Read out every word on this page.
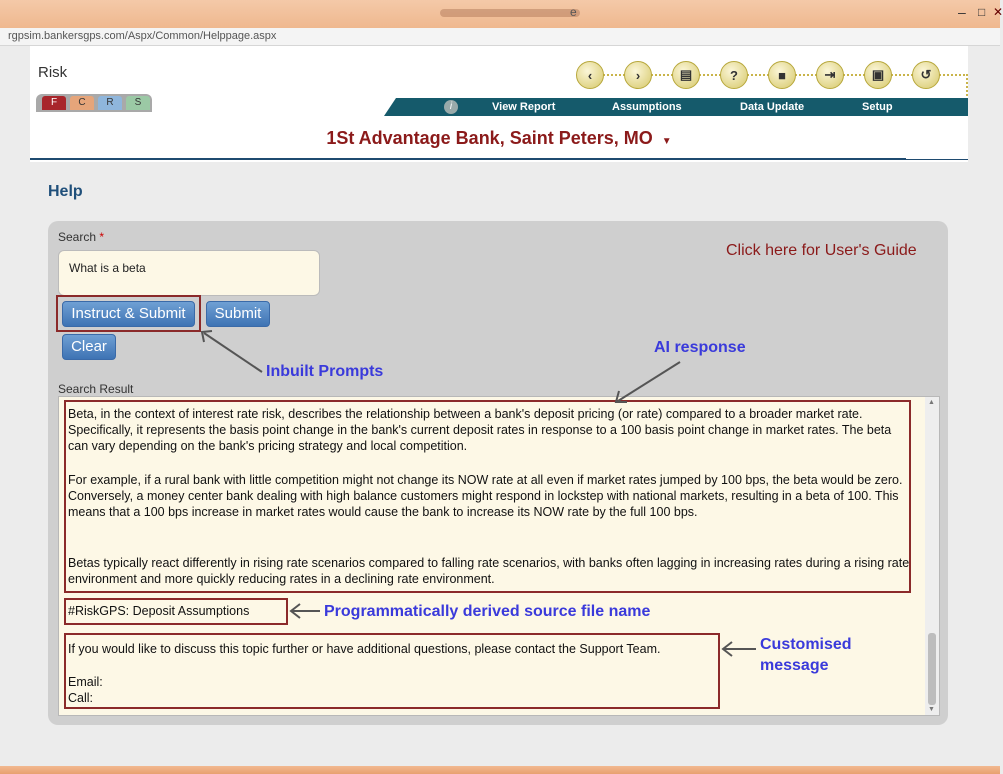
e	– □ ✕
rgpsim.bankersgps.com/Aspx/Common/Helppage.aspx
Risk
F	C	R	S
‹	›	▤	?	■	⇥	▣	↺
i	View Report	Assumptions	Data Update	Setup
1St Advantage Bank, Saint Peters, MO ▼
Help
Search *
What is a beta
Click here for User's Guide
Instruct & Submit	Submit
Clear
Search Result
▲
▼
Beta, in the context of interest rate risk, describes the relationship between a bank's deposit pricing (or rate) compared to a broader market rate. Specifically, it represents the basis point change in the bank's current deposit rates in response to a 100 basis point change in market rates. The beta can vary depending on the bank's pricing strategy and local competition.
For example, if a rural bank with little competition might not change its NOW rate at all even if market rates jumped by 100 bps, the beta would be zero. Conversely, a money center bank dealing with high balance customers might respond in lockstep with national markets, resulting in a beta of 100. This means that a 100 bps increase in market rates would cause the bank to increase its NOW rate by the full 100 bps.
Betas typically react differently in rising rate scenarios compared to falling rate scenarios, with banks often lagging in increasing rates during a rising rate environment and more quickly reducing rates in a declining rate environment.
#RiskGPS: Deposit Assumptions
If you would like to discuss this topic further or have additional questions, please contact the Support Team.
Email:
Call:
Inbuilt Prompts
AI response
Programmatically derived source file name
Customised
message
